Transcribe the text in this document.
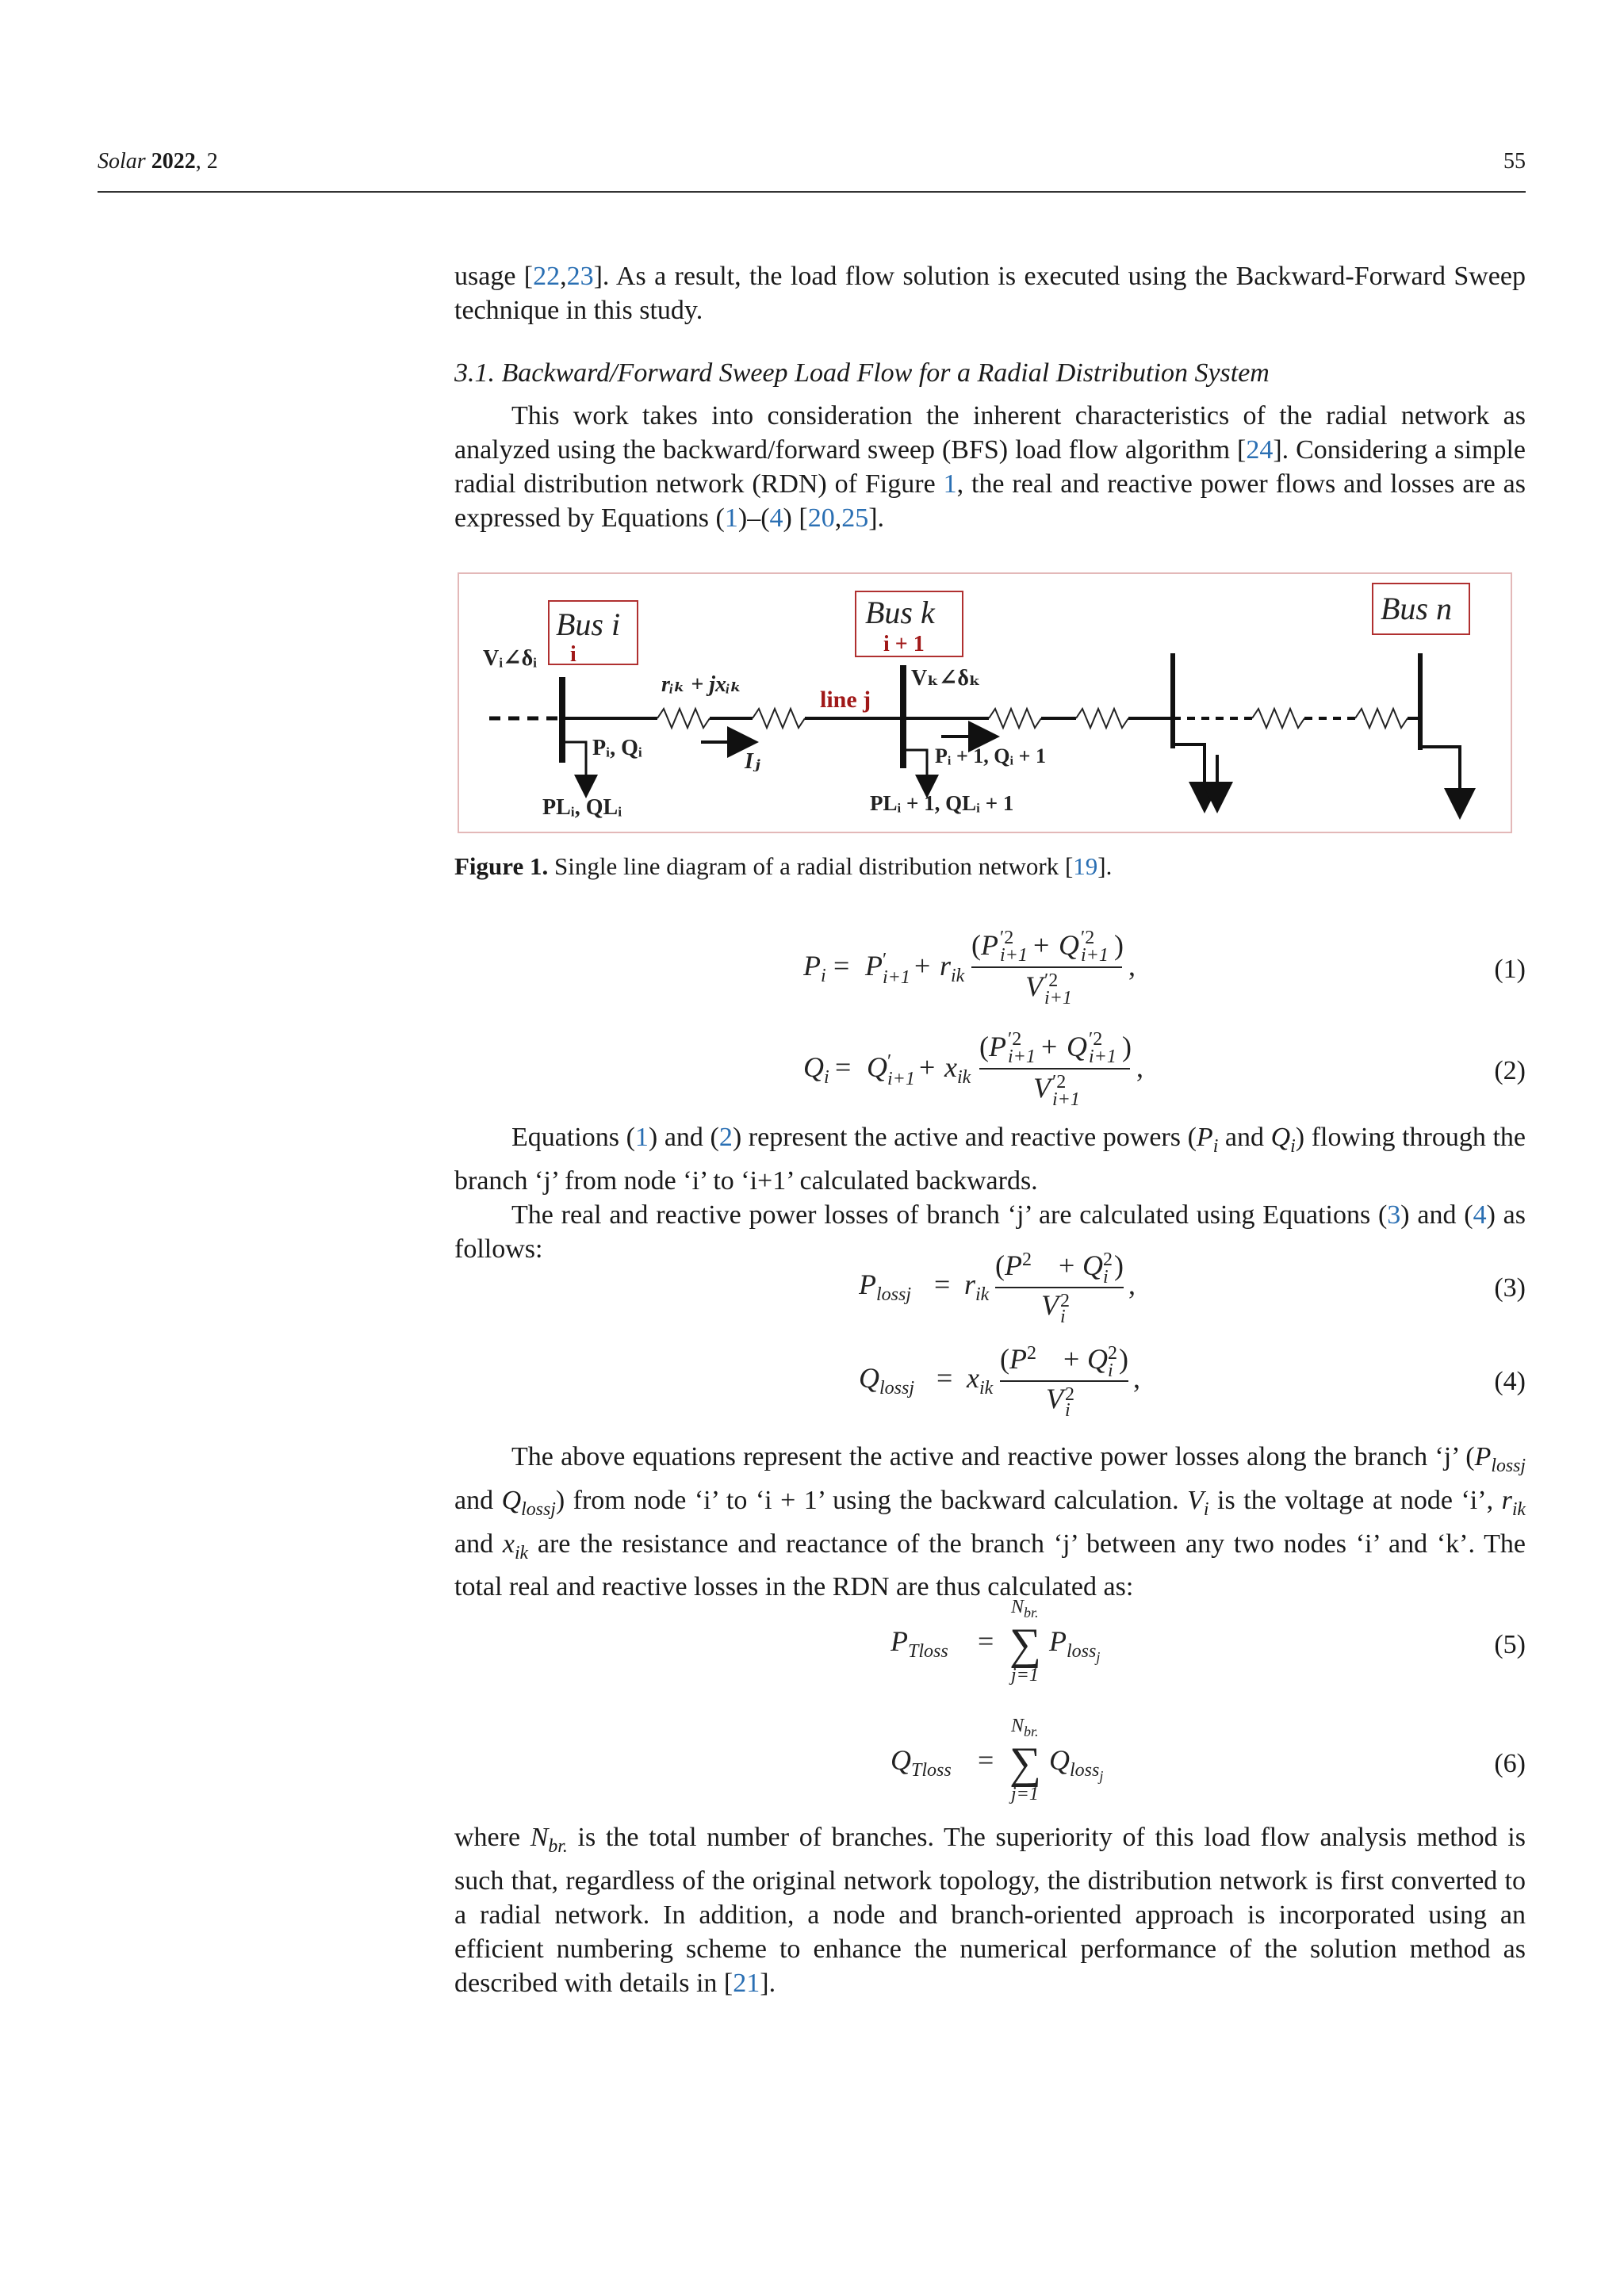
Solar 2022, 2	55

usage [22,23]. As a result, the load flow solution is executed using the Backward-Forward Sweep technique in this study.

3.1. Backward/Forward Sweep Load Flow for a Radial Distribution System

This work takes into consideration the inherent characteristics of the radial network as analyzed using the backward/forward sweep (BFS) load flow algorithm [24]. Considering a simple radial distribution network (RDN) of Figure 1, the real and reactive power flows and losses are as expressed by Equations (1)–(4) [20,25].

Bus i
i
Bus k
i + 1
Bus n
Vᵢ∠δᵢ
Vₖ∠δₖ
rᵢₖ + jxᵢₖ
line j
Iⱼ
Pᵢ, Qᵢ	Pᵢ + 1, Qᵢ + 1
PLᵢ, QLᵢ	PLᵢ + 1, QLᵢ + 1
Figure 1. Single line diagram of a radial distribution network [19].
$P_i = P$ ′
$i+1 + r_{ik}$
(P ′2
i+1 + Q ′2
i+1 )
V ′2
i+1
,	(1)
$Q_i = Q$ ′
$i+1 + x_{ik}$
(P ′2
i+1 + Q ′2
i+1 )
V ′2
i+1
,	(2)

Equations (1) and (2) represent the active and reactive powers ($P_i$ and $Q_i$) flowing through the branch ‘j’ from node ‘i’ to ‘i+1’ calculated backwards.

The real and reactive power losses of branch ‘j’ are calculated using Equations (3) and (4) as follows:

$P_{loss}j = r_{ik}$
($P^2 + Q$ 2
i )
V 2
i
,	(3)
$Q_{loss}j = x_{ik}$
($P^2 + Q$ 2
i )
V 2
i
,	(4)

The above equations represent the active and reactive power losses along the branch ‘j’ ($P_{lossj}$ and $Q_{lossj}$) from node ‘i’ to ‘i + 1’ using the backward calculation. $V_i$ is the voltage at node ‘i’, $r_{ik}$ and $x_{ik}$ are the resistance and reactance of the branch ‘j’ between any two nodes ‘i’ and ‘k’. The total real and reactive losses in the RDN are thus calculated as:

$P_{Tloss}$ =
$N_{br.}$
∑
j=1
$P_{loss}j$	(5)
$Q_{Tloss}$ =
$N_{br.}$
∑
j=1
$Q_{loss}j$	(6)

where $N_{br.}$ is the total number of branches. The superiority of this load flow analysis method is such that, regardless of the original network topology, the distribution network is first converted to a radial network. In addition, a node and branch-oriented approach is incorporated using an efficient numbering scheme to enhance the numerical performance of the solution method as described with details in [21].
